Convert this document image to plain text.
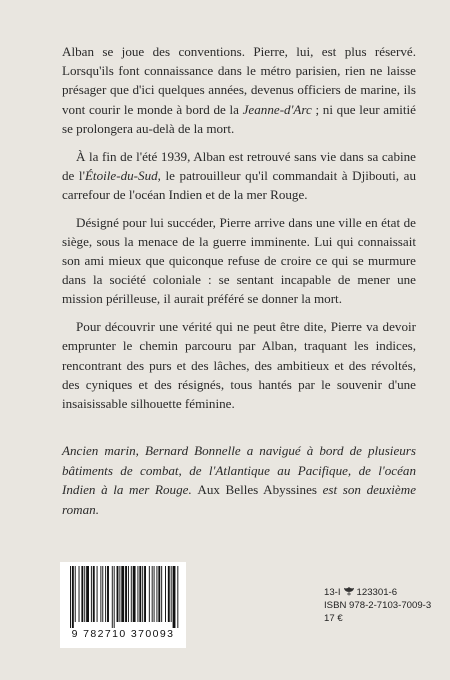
Alban se joue des conventions. Pierre, lui, est plus réservé. Lorsqu'ils font connaissance dans le métro parisien, rien ne laisse présager que d'ici quelques années, devenus officiers de marine, ils vont courir le monde à bord de la Jeanne-d'Arc ; ni que leur amitié se prolongera au-delà de la mort.

À la fin de l'été 1939, Alban est retrouvé sans vie dans sa cabine de l'Étoile-du-Sud, le patrouilleur qu'il commandait à Djibouti, au carrefour de l'océan Indien et de la mer Rouge.

Désigné pour lui succéder, Pierre arrive dans une ville en état de siège, sous la menace de la guerre imminente. Lui qui connaissait son ami mieux que quiconque refuse de croire ce qui se murmure dans la société coloniale : se sentant incapable de mener une mission périlleuse, il aurait préféré se donner la mort.

Pour découvrir une vérité qui ne peut être dite, Pierre va devoir emprunter le chemin parcouru par Alban, traquant les indices, rencontrant des purs et des lâches, des ambitieux et des révoltés, des cyniques et des résignés, tous hantés par le souvenir d'une insaisissable silhouette féminine.

Ancien marin, Bernard Bonnelle a navigué à bord de plusieurs bâtiments de combat, de l'Atlantique au Pacifique, de l'océan Indien à la mer Rouge. Aux Belles Abyssines est son deuxième roman.

9 782710 370093
13-I 123301-6
ISBN 978-2-7103-7009-3
17 €
